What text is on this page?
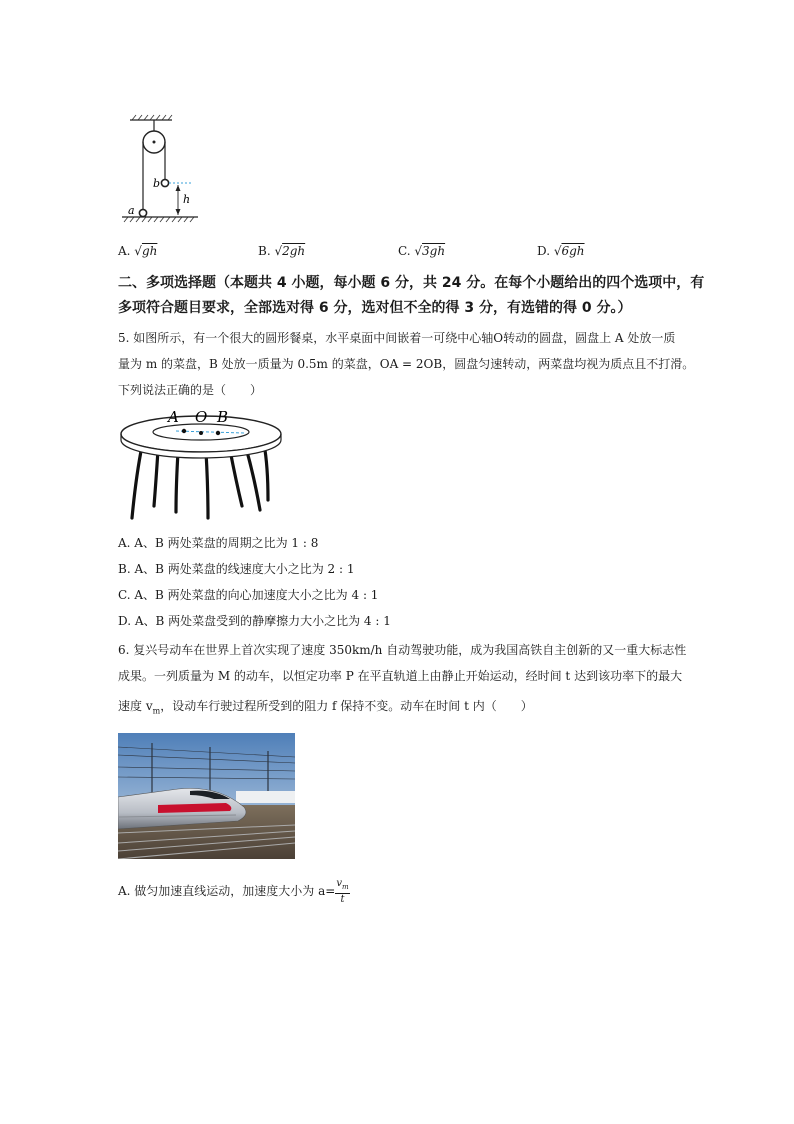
b
a
h
A. √gh	B. √2gh	C. √3gh	D. √6gh
二、多项选择题（本题共 4 小题，每小题 6 分，共 24 分。在每个小题给出的四个选项中，有
多项符合题目要求，全部选对得 6 分，选对但不全的得 3 分，有选错的得 0 分。）
5. 如图所示，有一个很大的圆形餐桌，水平桌面中间嵌着一可绕中心轴O转动的圆盘，圆盘上 A 处放一质
量为 m 的菜盘，B 处放一质量为 0.5m 的菜盘，OA = 2OB，圆盘匀速转动，两菜盘均视为质点且不打滑。
下列说法正确的是（　　）
A O B
A. A、B 两处菜盘的周期之比为 1 : 8
B. A、B 两处菜盘的线速度大小之比为 2 : 1
C. A、B 两处菜盘的向心加速度大小之比为 4 : 1
D. A、B 两处菜盘受到的静摩擦力大小之比为 4 : 1
6. 复兴号动车在世界上首次实现了速度 350km/h 自动驾驶功能，成为我国高铁自主创新的又一重大标志性
成果。一列质量为 M 的动车，以恒定功率 P 在平直轨道上由静止开始运动，经时间 t 达到该功率下的最大
速度 $v_m$，设动车行驶过程所受到的阻力 f 保持不变。动车在时间 t 内（　　）
A. 做匀加速直线运动，加速度大小为 $a= \frac{v_m}{t}$
